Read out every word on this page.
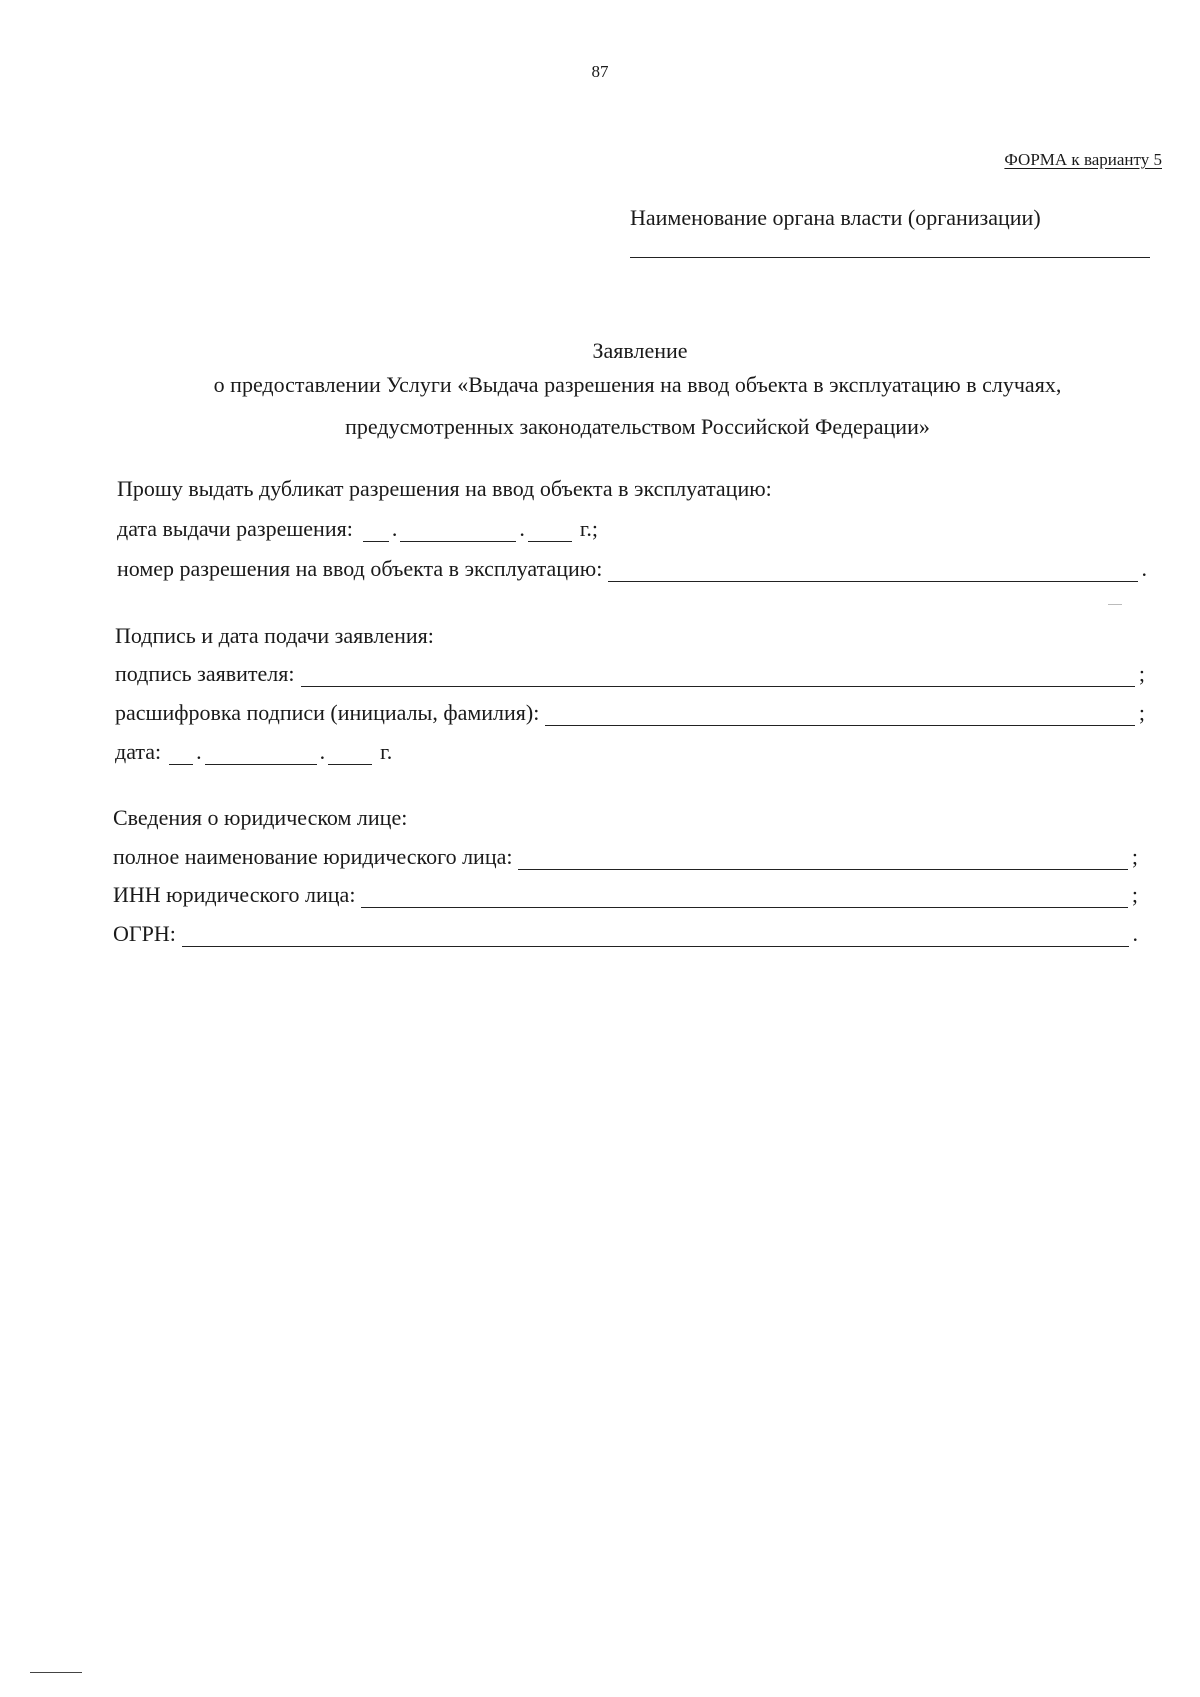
87
ФОРМА к варианту 5
Наименование органа власти (организации)
Заявление
о предоставлении Услуги «Выдача разрешения на ввод объекта в эксплуатацию в случаях,
предусмотренных законодательством Российской Федерации»
Прошу выдать дубликат разрешения на ввод объекта в эксплуатацию:
дата выдачи разрешения: .	.	г.;
номер разрешения на ввод объекта в эксплуатацию:	.
Подпись и дата подачи заявления:
подпись заявителя:	;
расшифровка подписи (инициалы, фамилия):	;
дата: .	.	г.
Сведения о юридическом лице:
полное наименование юридического лица:	;
ИНН юридического лица:	;
ОГРН:	.
